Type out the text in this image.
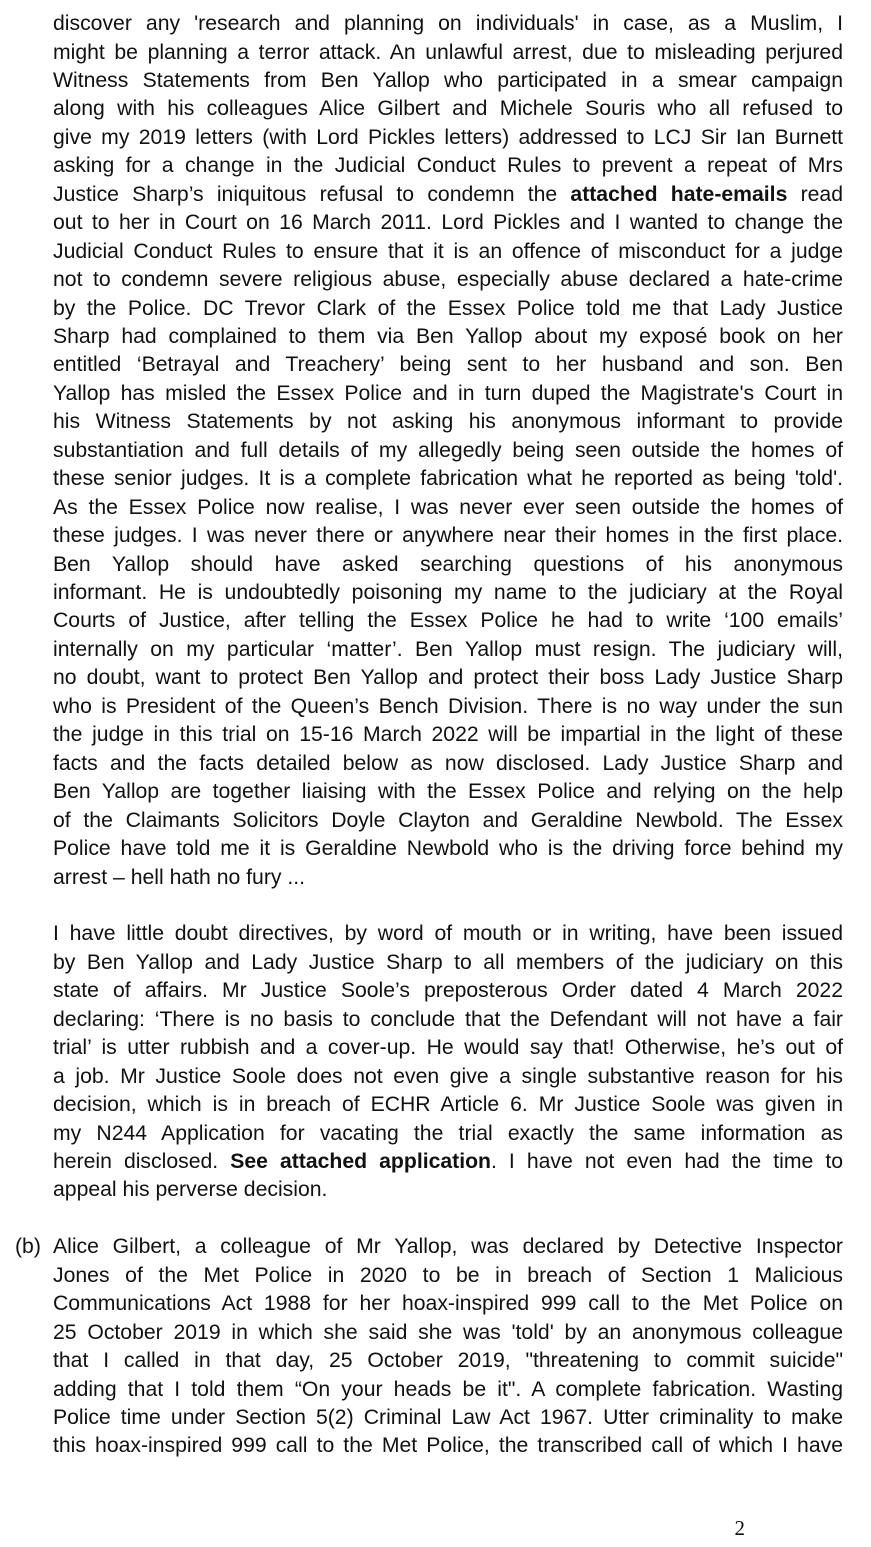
discover any 'research and planning on individuals' in case, as a Muslim, I
might be planning a terror attack. An unlawful arrest, due to misleading perjured
Witness Statements from Ben Yallop who participated in a smear campaign
along with his colleagues Alice Gilbert and Michele Souris who all refused to
give my 2019 letters (with Lord Pickles letters) addressed to LCJ Sir Ian Burnett
asking for a change in the Judicial Conduct Rules to prevent a repeat of Mrs
Justice Sharp’s iniquitous refusal to condemn the attached hate-emails read
out to her in Court on 16 March 2011. Lord Pickles and I wanted to change the
Judicial Conduct Rules to ensure that it is an offence of misconduct for a judge
not to condemn severe religious abuse, especially abuse declared a hate-crime
by the Police. DC Trevor Clark of the Essex Police told me that Lady Justice
Sharp had complained to them via Ben Yallop about my exposé book on her
entitled ‘Betrayal and Treachery’ being sent to her husband and son. Ben
Yallop has misled the Essex Police and in turn duped the Magistrate's Court in
his Witness Statements by not asking his anonymous informant to provide
substantiation and full details of my allegedly being seen outside the homes of
these senior judges. It is a complete fabrication what he reported as being 'told'.
As the Essex Police now realise, I was never ever seen outside the homes of
these judges. I was never there or anywhere near their homes in the first place.
Ben Yallop should have asked searching questions of his anonymous
informant. He is undoubtedly poisoning my name to the judiciary at the Royal
Courts of Justice, after telling the Essex Police he had to write ‘100 emails’
internally on my particular ‘matter’. Ben Yallop must resign. The judiciary will,
no doubt, want to protect Ben Yallop and protect their boss Lady Justice Sharp
who is President of the Queen’s Bench Division. There is no way under the sun
the judge in this trial on 15-16 March 2022 will be impartial in the light of these
facts and the facts detailed below as now disclosed. Lady Justice Sharp and
Ben Yallop are together liaising with the Essex Police and relying on the help
of the Claimants Solicitors Doyle Clayton and Geraldine Newbold. The Essex
Police have told me it is Geraldine Newbold who is the driving force behind my
arrest – hell hath no fury ...
I have little doubt directives, by word of mouth or in writing, have been issued
by Ben Yallop and Lady Justice Sharp to all members of the judiciary on this
state of affairs. Mr Justice Soole’s preposterous Order dated 4 March 2022
declaring: ‘There is no basis to conclude that the Defendant will not have a fair
trial’ is utter rubbish and a cover-up. He would say that! Otherwise, he’s out of
a job. Mr Justice Soole does not even give a single substantive reason for his
decision, which is in breach of ECHR Article 6. Mr Justice Soole was given in
my N244 Application for vacating the trial exactly the same information as
herein disclosed. See attached application. I have not even had the time to
appeal his perverse decision.
(b) Alice Gilbert, a colleague of Mr Yallop, was declared by Detective Inspector
Jones of the Met Police in 2020 to be in breach of Section 1 Malicious
Communications Act 1988 for her hoax-inspired 999 call to the Met Police on
25 October 2019 in which she said she was 'told' by an anonymous colleague
that I called in that day, 25 October 2019, "threatening to commit suicide"
adding that I told them “On your heads be it". A complete fabrication. Wasting
Police time under Section 5(2) Criminal Law Act 1967. Utter criminality to make
this hoax-inspired 999 call to the Met Police, the transcribed call of which I have
2
